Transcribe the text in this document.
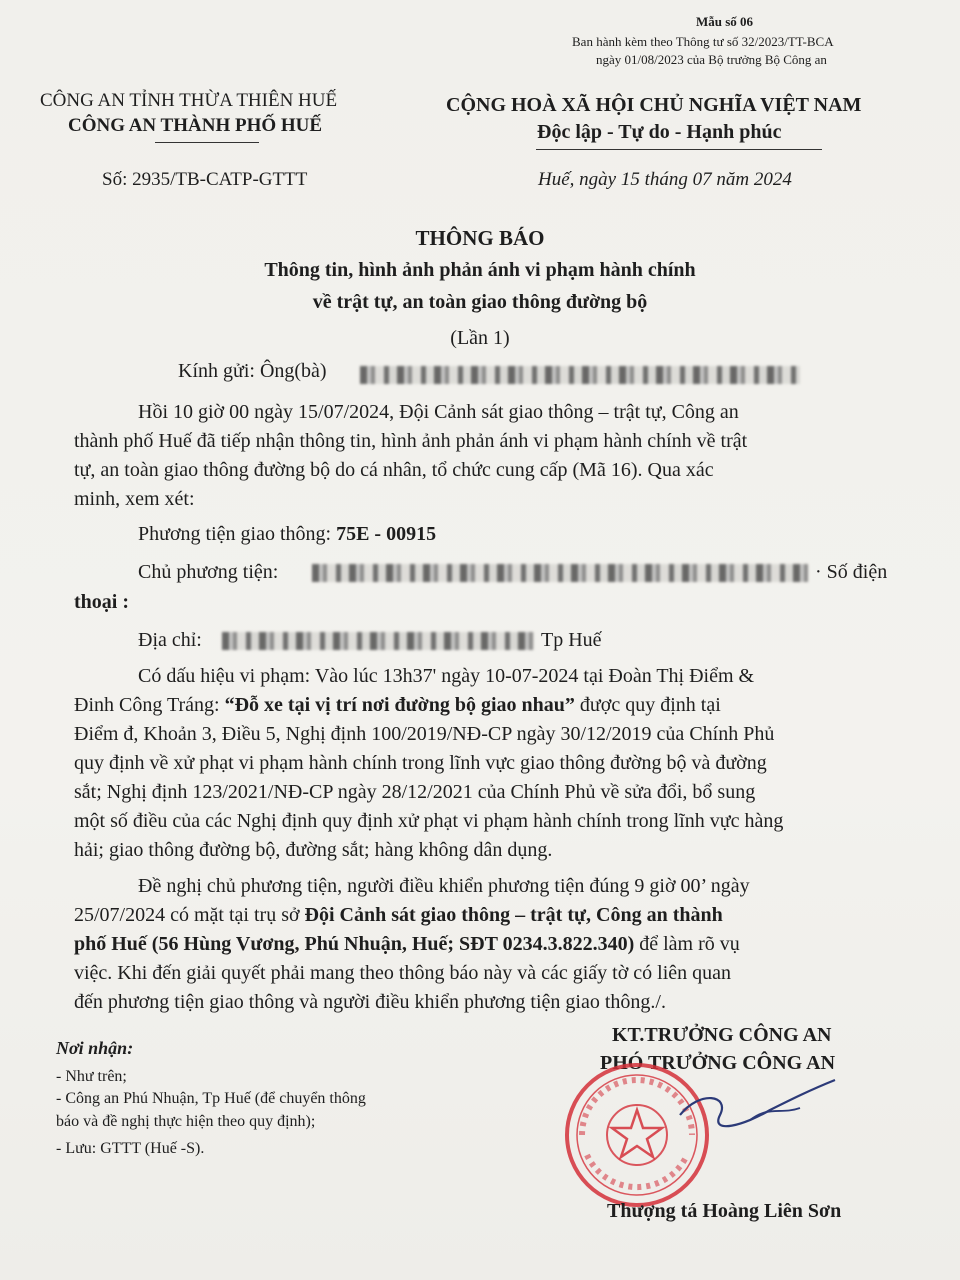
Mẫu số 06
Ban hành kèm theo Thông tư số 32/2023/TT-BCA
ngày 01/08/2023 của Bộ trưởng Bộ Công an
CÔNG AN TỈNH THỪA THIÊN HUẾ
CÔNG AN THÀNH PHỐ HUẾ
CỘNG HOÀ XÃ HỘI CHỦ NGHĨA VIỆT NAM
Độc lập - Tự do - Hạnh phúc
Số: 2935/TB-CATP-GTTT	Huế, ngày 15 tháng 07 năm 2024
THÔNG BÁO
Thông tin, hình ảnh phản ánh vi phạm hành chính
về trật tự, an toàn giao thông đường bộ
(Lần 1)
Kính gửi: Ông(bà)
Hồi 10 giờ 00 ngày 15/07/2024, Đội Cảnh sát giao thông – trật tự, Công an
thành phố Huế đã tiếp nhận thông tin, hình ảnh phản ánh vi phạm hành chính về trật
tự, an toàn giao thông đường bộ do cá nhân, tổ chức cung cấp (Mã 16). Qua xác
minh, xem xét:
Phương tiện giao thông: 75E - 00915
Chủ phương tiện:	· Số điện
thoại :
Địa chỉ:	Tp Huế
Có dấu hiệu vi phạm: Vào lúc 13h37' ngày 10-07-2024 tại Đoàn Thị Điểm &
Đinh Công Tráng: “Đỗ xe tại vị trí nơi đường bộ giao nhau” được quy định tại
Điểm đ, Khoản 3, Điều 5, Nghị định 100/2019/NĐ-CP ngày 30/12/2019 của Chính Phủ
quy định về xử phạt vi phạm hành chính trong lĩnh vực giao thông đường bộ và đường
sắt; Nghị định 123/2021/NĐ-CP ngày 28/12/2021 của Chính Phủ về sửa đổi, bổ sung
một số điều của các Nghị định quy định xử phạt vi phạm hành chính trong lĩnh vực hàng
hải; giao thông đường bộ, đường sắt; hàng không dân dụng.
Đề nghị chủ phương tiện, người điều khiển phương tiện đúng 9 giờ 00’ ngày
25/07/2024 có mặt tại trụ sở Đội Cảnh sát giao thông – trật tự, Công an thành
phố Huế (56 Hùng Vương, Phú Nhuận, Huế; SĐT 0234.3.822.340) để làm rõ vụ
việc. Khi đến giải quyết phải mang theo thông báo này và các giấy tờ có liên quan
đến phương tiện giao thông và người điều khiển phương tiện giao thông./.
Nơi nhận:
- Như trên;
- Công an Phú Nhuận, Tp Huế (để chuyển thông
báo và đề nghị thực hiện theo quy định);
- Lưu: GTTT (Huế -S).
KT.TRƯỞNG CÔNG AN
PHÓ TRƯỞNG CÔNG AN
Thượng tá Hoàng Liên Sơn
